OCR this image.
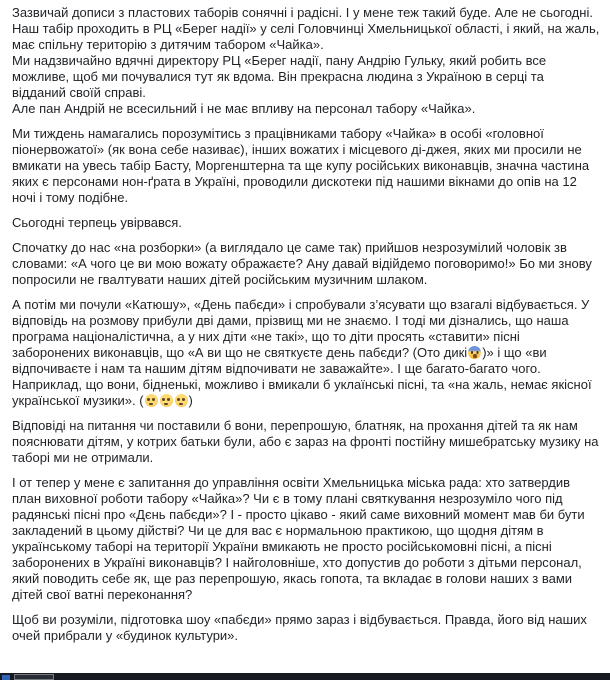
Зазвичай дописи з пластових таборів сонячні і радісні. І у мене теж такий буде. Але не сьогодні.
Наш табір проходить в РЦ «Берег надії» у селі Головчинці Хмельницької області, і який, на жаль, має спільну територію з дитячим табором «Чайка».
Ми надзвичайно вдячні директору РЦ «Берег надії, пану Андрію Гульку, який робить все можливе, щоб ми почувалися тут як вдома. Він прекрасна людина з Україною в серці та відданий своїй справі.
Але пан Андрій не всесильний і не має впливу на персонал табору «Чайка».
Ми тиждень намагались порозумітись з працівниками табору «Чайка» в особі «головної піонервожатої» (як вона себе називає), інших вожатих і місцевого ді-джея, яких ми просили не вмикати на увесь табір Басту, Моргенштерна та ще купу російських виконавців, значна частина яких є персонами нон-ґрата в Україні, проводили дискотеки під нашими вікнами до опів на 12 ночі і тому подібне.
Сьогодні терпець увірвався.
Спочатку до нас «на розборки» (а виглядало це саме так) прийшов незрозумілий чоловік зв словами: «А чого це ви мою вожату ображаєте? Ану давай відійдемо поговоримо!» Бо ми знову попросили не гвалтувати наших дітей російським музичним шлаком.
А потім ми почули «Катюшу», «День пабєди» і спробували з’ясувати що взагалі відбувається. У відповідь на розмову прибули дві дами, прізвищ ми не знаємо. І тоді ми дізнались, що наша програма націоналістична, а у них діти «не такі», що то діти просять «ставити» пісні заборонених виконавців, що «А ви що не святкуєте день пабєди? (Ото дикі )» і що «ви відпочиваєте і нам та нашим дітям відпочивати не заважайте». І ще багато-багато чого. Наприклад, що вони, бідненькі, можливо і вмикали б уклаїнські пісні, та «на жаль, немає якісної української музики». (	)
Відповіді на питання чи поставили б вони, перепрошую, блатняк, на прохання дітей та як нам пояснювати дітям, у котрих батьки були, або є зараз на фронті постійну мишебратську музику на таборі ми не отримали.
І от тепер у мене є запитання до управління освіти Хмельницька міська рада: хто затвердив план виховної роботи табору «Чайка»? Чи є в тому плані святкування незрозуміло чого під радянські пісні про «Дєнь пабєди»? І - просто цікаво - який саме виховний момент мав би бути закладений в цьому дійстві? Чи це для вас є нормальною практикою, що щодня дітям в українському таборі на території України вмикають не просто російськомовні пісні, а пісні заборонених в Україні виконавців? І найголовніше, хто допустив до роботи з дітьми персонал, який поводить себе як, ще раз перепрошую, якась гопота, та вкладає в голови наших з вами дітей свої ватні переконання?
Щоб ви розуміли, підготовка шоу «пабєди» прямо зараз і відбувається. Правда, його від наших очей прибрали у «будинок культури».
